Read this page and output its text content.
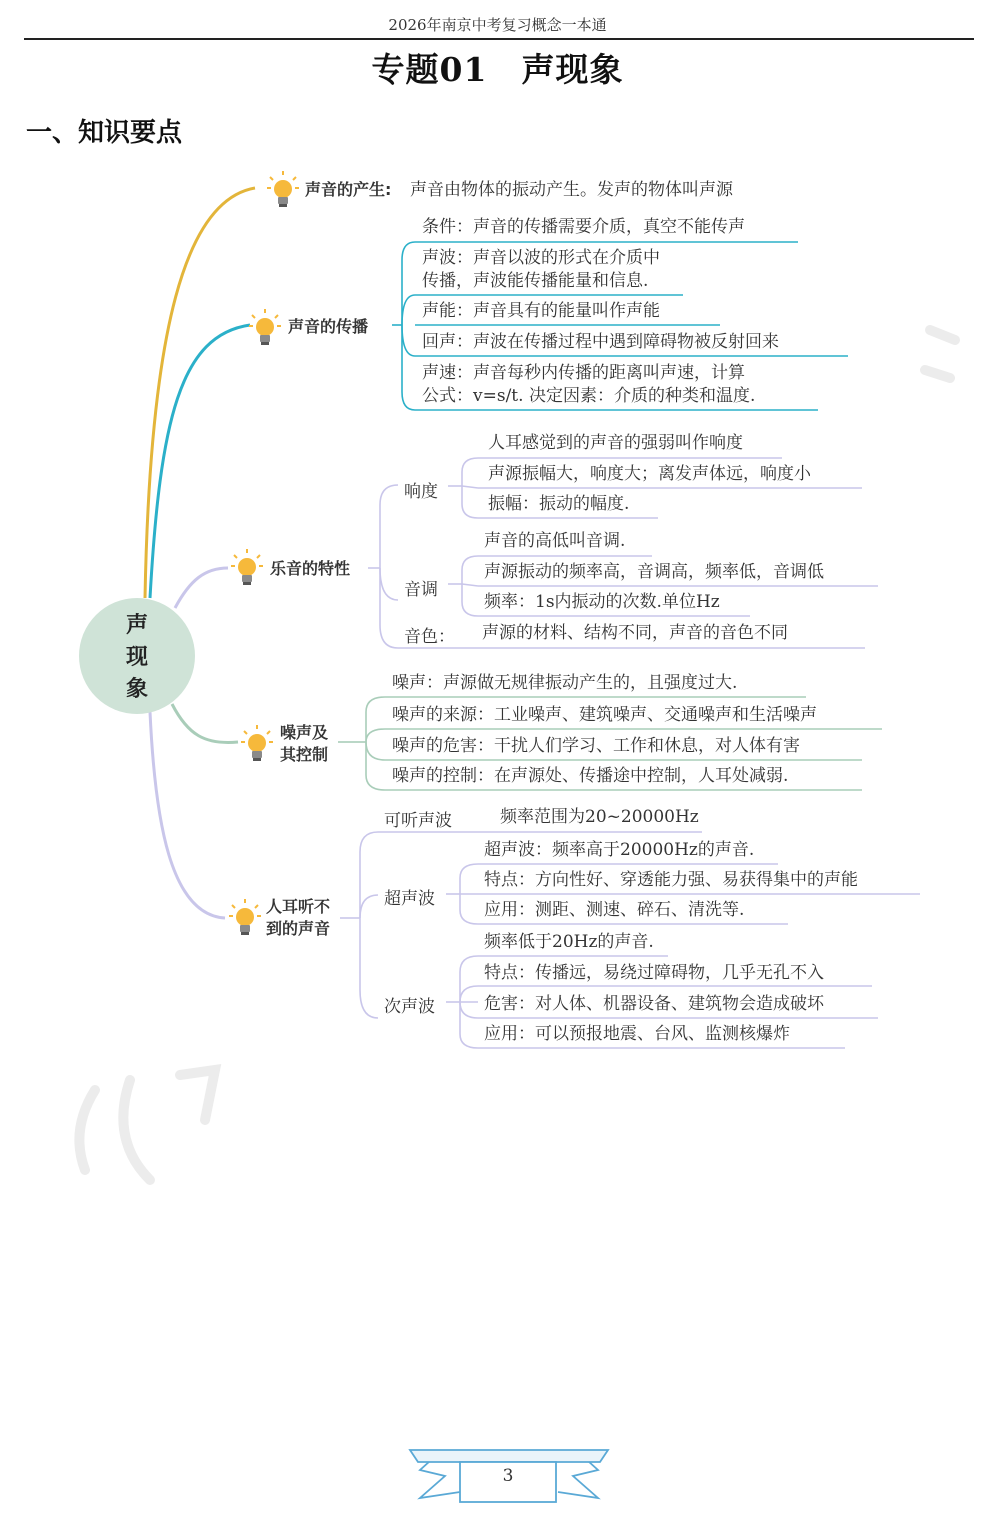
2026年南京中考复习概念一本通
专题01　声现象
一、知识要点
声
现
象
声音的产生: 声音由物体的振动产生。发声的物体叫声源
声音的传播
条件：声音的传播需要介质，真空不能传声
声波：声音以波的形式在介质中
传播，声波能传播能量和信息.
声能：声音具有的能量叫作声能
回声：声波在传播过程中遇到障碍物被反射回来
声速：声音每秒内传播的距离叫声速，计算
公式：v=s/t. 决定因素：介质的种类和温度.
乐音的特性
响度
人耳感觉到的声音的强弱叫作响度
声源振幅大，响度大；离发声体远，响度小
振幅：振动的幅度.
音调
声音的高低叫音调.
声源振动的频率高，音调高，频率低，音调低
频率：1s内振动的次数.单位Hz
音色： 声源的材料、结构不同，声音的音色不同
噪声及
其控制
噪声：声源做无规律振动产生的，且强度过大.
噪声的来源：工业噪声、建筑噪声、交通噪声和生活噪声
噪声的危害：干扰人们学习、工作和休息，对人体有害
噪声的控制：在声源处、传播途中控制，人耳处减弱.
人耳听不
到的声音
可听声波	频率范围为20~20000Hz
超声波
超声波：频率高于20000Hz的声音.
特点：方向性好、穿透能力强、易获得集中的声能
应用：测距、测速、碎石、清洗等.
次声波
频率低于20Hz的声音.
特点：传播远，易绕过障碍物，几乎无孔不入
危害：对人体、机器设备、建筑物会造成破坏
应用：可以预报地震、台风、监测核爆炸
3
